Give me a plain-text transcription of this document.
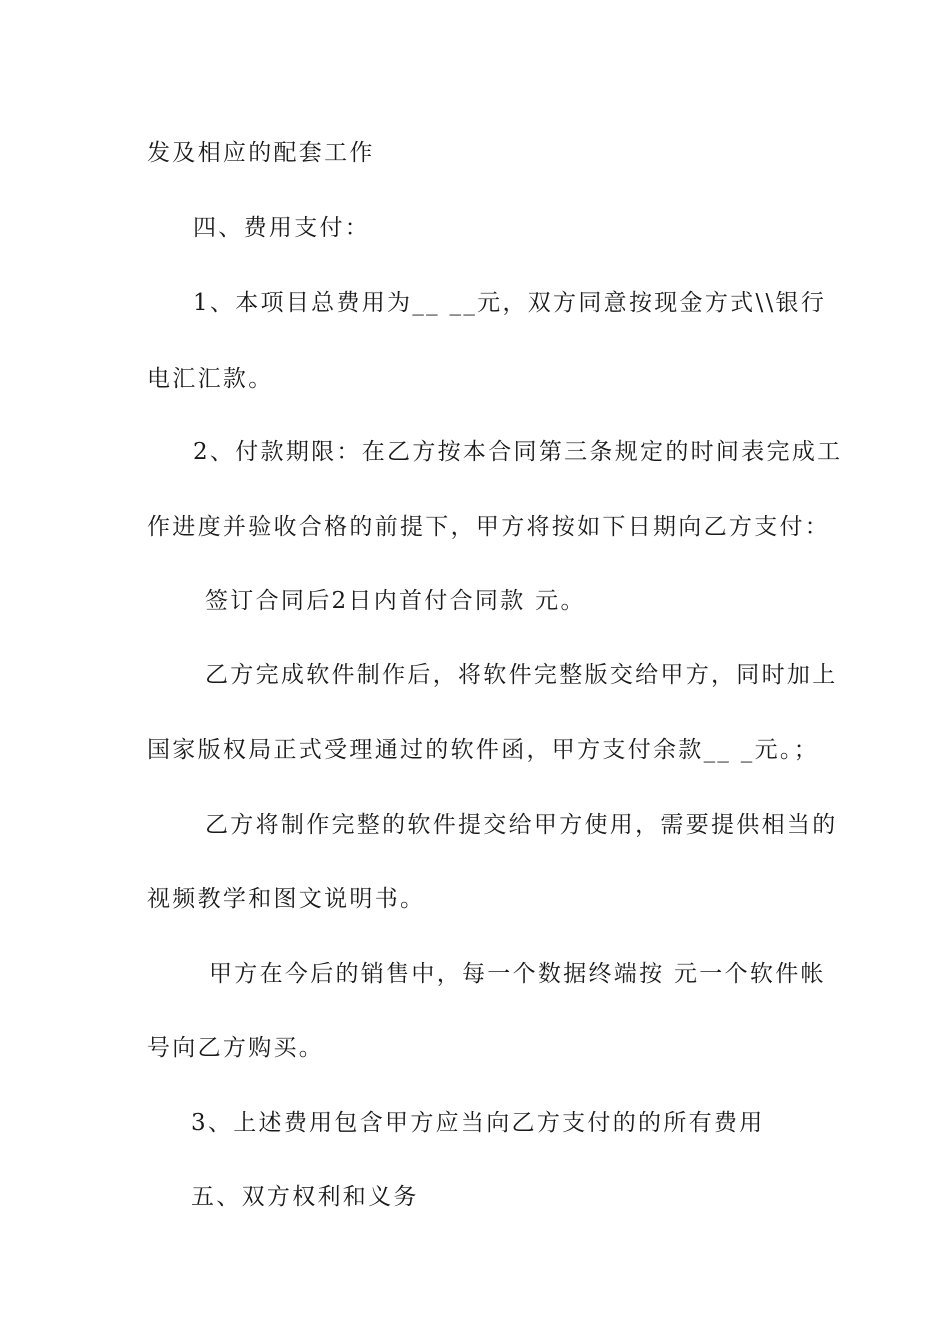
发及相应的配套工作
四、费用支付：
1、本项目总费用为__ __元，双方同意按现金方式\\银行
电汇汇款。
2、付款期限：在乙方按本合同第三条规定的时间表完成工
作进度并验收合格的前提下，甲方将按如下日期向乙方支付：
签订合同后2日内首付合同款 元。
乙方完成软件制作后，将软件完整版交给甲方，同时加上
国家版权局正式受理通过的软件函，甲方支付余款__ _元。；
乙方将制作完整的软件提交给甲方使用，需要提供相当的
视频教学和图文说明书。
甲方在今后的销售中，每一个数据终端按 元一个软件帐
号向乙方购买。
3、上述费用包含甲方应当向乙方支付的的所有费用
五、双方权利和义务
